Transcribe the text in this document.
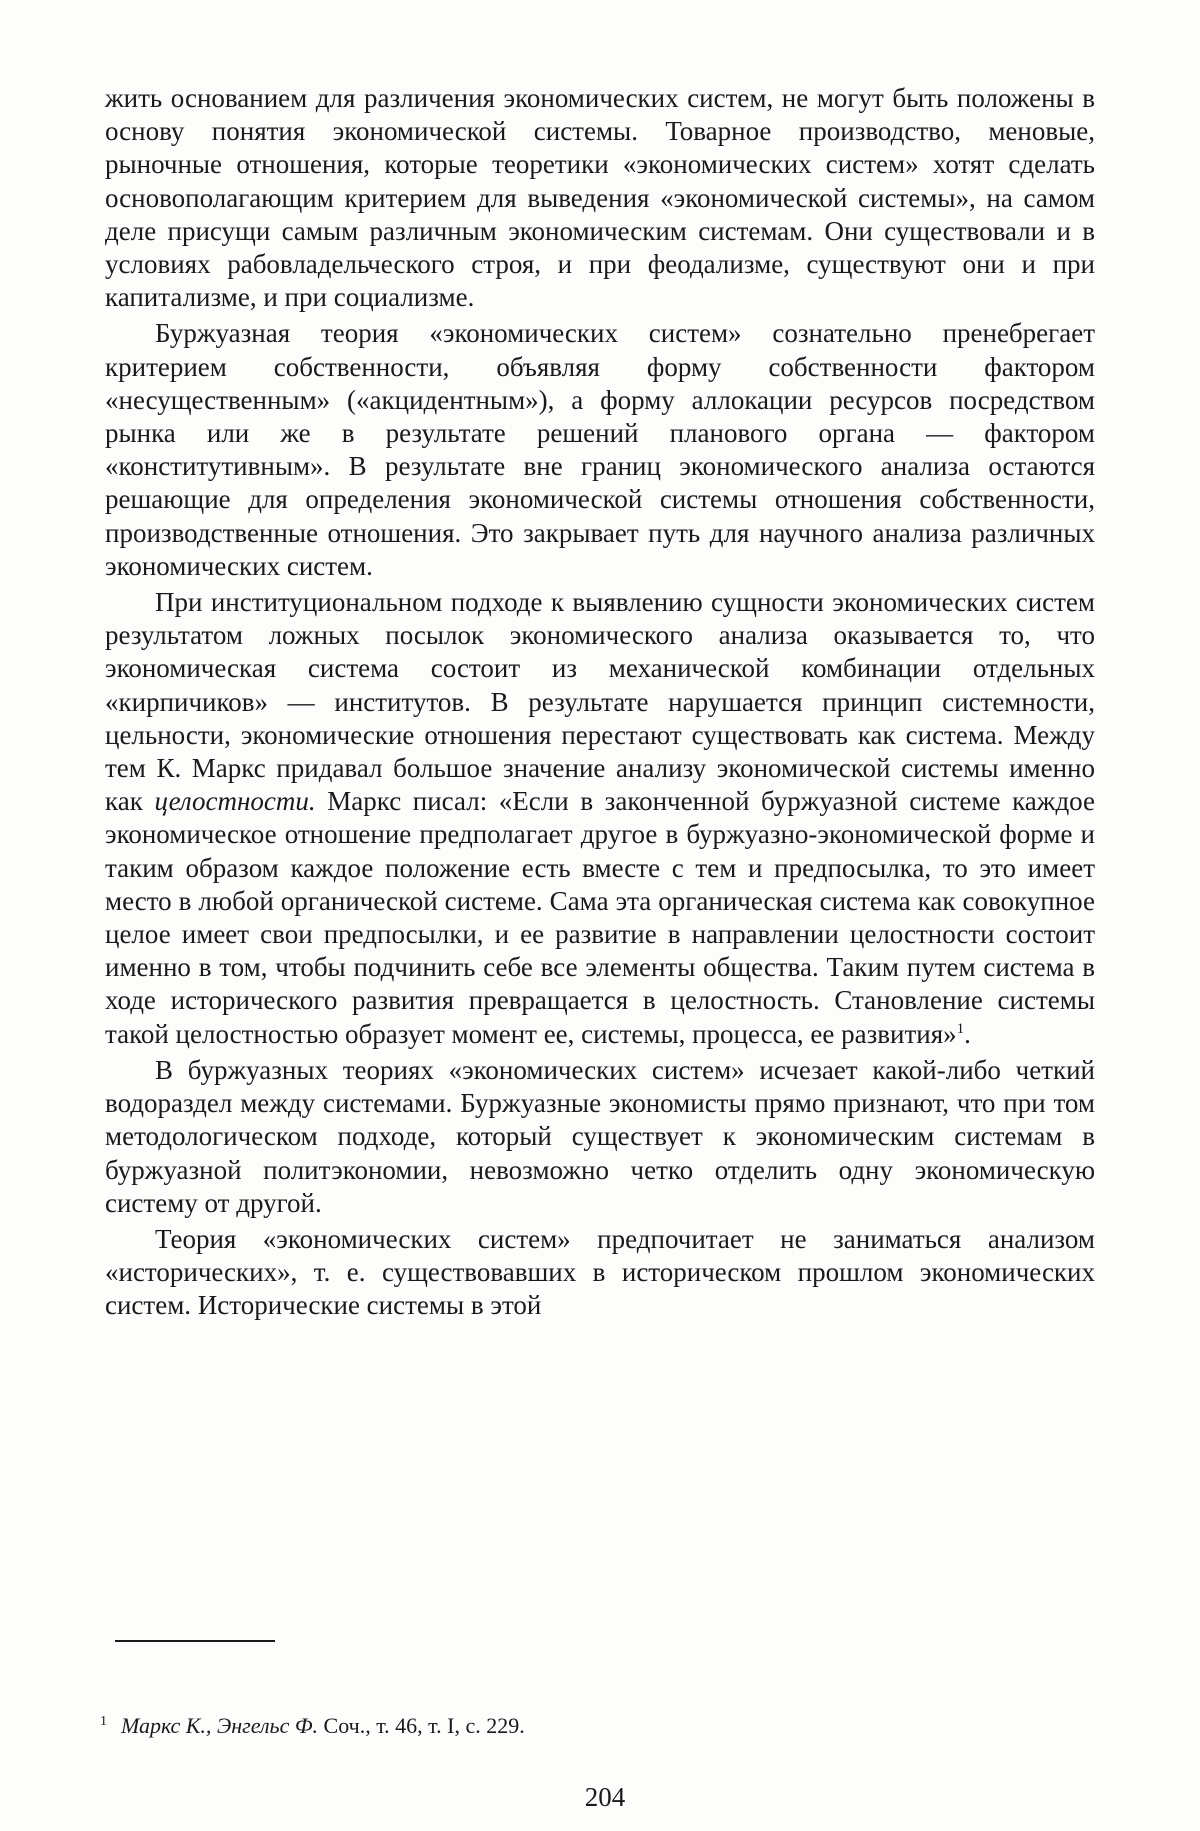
жить основанием для различения экономических систем, не могут быть положены в основу понятия экономической системы. Товарное производство, меновые, рыночные отношения, которые теоретики «экономических систем» хотят сделать основополагающим критерием для выведения «экономической системы», на самом деле присущи самым различным экономическим системам. Они существовали и в условиях рабовладельческого строя, и при феодализме, существуют они и при капитализме, и при социализме.

Буржуазная теория «экономических систем» сознательно пренебрегает критерием собственности, объявляя форму собственности фактором «несущественным» («акцидентным»), а форму аллокации ресурсов посредством рынка или же в результате решений планового органа — фактором «конститутивным». В результате вне границ экономического анализа остаются решающие для определения экономической системы отношения собственности, производственные отношения. Это закрывает путь для научного анализа различных экономических систем.

При институциональном подходе к выявлению сущности экономических систем результатом ложных посылок экономического анализа оказывается то, что экономическая система состоит из механической комбинации отдельных «кирпичиков» — институтов. В результате нарушается принцип системности, цельности, экономические отношения перестают существовать как система. Между тем К. Маркс придавал большое значение анализу экономической системы именно как целостности. Маркс писал: «Если в законченной буржуазной системе каждое экономическое отношение предполагает другое в буржуазно-экономической форме и таким образом каждое положение есть вместе с тем и предпосылка, то это имеет место в любой органической системе. Сама эта органическая система как совокупное целое имеет свои предпосылки, и ее развитие в направлении целостности состоит именно в том, чтобы подчинить себе все элементы общества. Таким путем система в ходе исторического развития превращается в целостность. Становление системы такой целостностью образует момент ее, системы, процесса, ее развития»$^1$.

В буржуазных теориях «экономических систем» исчезает какой-либо четкий водораздел между системами. Буржуазные экономисты прямо признают, что при том методологическом подходе, который существует к экономическим системам в буржуазной политэкономии, невозможно четко отделить одну экономическую систему от другой.

Теория «экономических систем» предпочитает не заниматься анализом «исторических», т. е. существовавших в историческом прошлом экономических систем. Исторические системы в этой

$^1$ Маркс К., Энгельс Ф. Соч., т. 46, т. I, с. 229.
204
